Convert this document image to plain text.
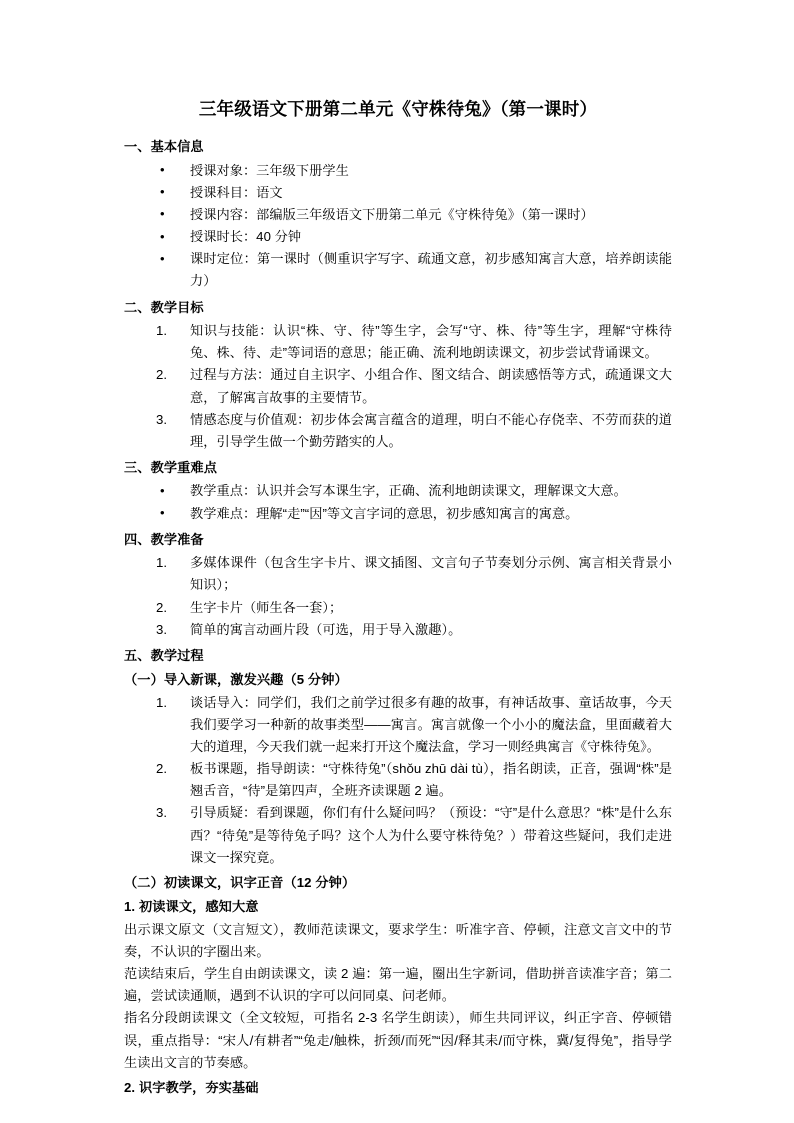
三年级语文下册第二单元《守株待兔》（第一课时）
一、基本信息
• 授课对象：三年级下册学生
• 授课科目：语文
• 授课内容：部编版三年级语文下册第二单元《守株待兔》（第一课时）
• 授课时长：40 分钟
• 课时定位：第一课时（侧重识字写字、疏通文意，初步感知寓言大意，培养朗读能力）
二、教学目标
知识与技能：认识“株、守、待”等生字，会写“守、株、待”等生字，理解“守株待兔、株、待、走”等词语的意思；能正确、流利地朗读课文，初步尝试背诵课文。
过程与方法：通过自主识字、小组合作、图文结合、朗读感悟等方式，疏通课文大意，了解寓言故事的主要情节。
情感态度与价值观：初步体会寓言蕴含的道理，明白不能心存侥幸、不劳而获的道理，引导学生做一个勤劳踏实的人。
三、教学重难点
• 教学重点：认识并会写本课生字，正确、流利地朗读课文，理解课文大意。
• 教学难点：理解“走”“因”等文言字词的意思，初步感知寓言的寓意。
四、教学准备
多媒体课件（包含生字卡片、课文插图、文言句子节奏划分示例、寓言相关背景小知识）；
生字卡片（师生各一套）；
简单的寓言动画片段（可选，用于导入激趣）。
五、教学过程
（一）导入新课，激发兴趣（5 分钟）
谈话导入：同学们，我们之前学过很多有趣的故事，有神话故事、童话故事，今天我们要学习一种新的故事类型——寓言。寓言就像一个小小的魔法盒，里面藏着大大的道理，今天我们就一起来打开这个魔法盒，学习一则经典寓言《守株待兔》。
板书课题，指导朗读：“守株待兔”（shǒu zhū dài tù），指名朗读，正音，强调“株”是翘舌音，“待”是第四声，全班齐读课题 2 遍。
引导质疑：看到课题，你们有什么疑问吗？（预设：“守”是什么意思？“株”是什么东西？“待兔”是等待兔子吗？这个人为什么要守株待兔？）带着这些疑问，我们走进课文一探究竟。
（二）初读课文，识字正音（12 分钟）
1. 初读课文，感知大意

出示课文原文（文言短文），教师范读课文，要求学生：听准字音、停顿，注意文言文中的节奏，不认识的字圈出来。

范读结束后，学生自由朗读课文，读 2 遍：第一遍，圈出生字新词，借助拼音读准字音；第二遍，尝试读通顺，遇到不认识的字可以问同桌、问老师。

指名分段朗读课文（全文较短，可指名 2-3 名学生朗读），师生共同评议，纠正字音、停顿错误，重点指导：“宋人/有耕者”“兔走/触株，折颈/而死”“因/释其耒/而守株，冀/复得兔”，指导学生读出文言的节奏感。

2. 识字教学，夯实基础
